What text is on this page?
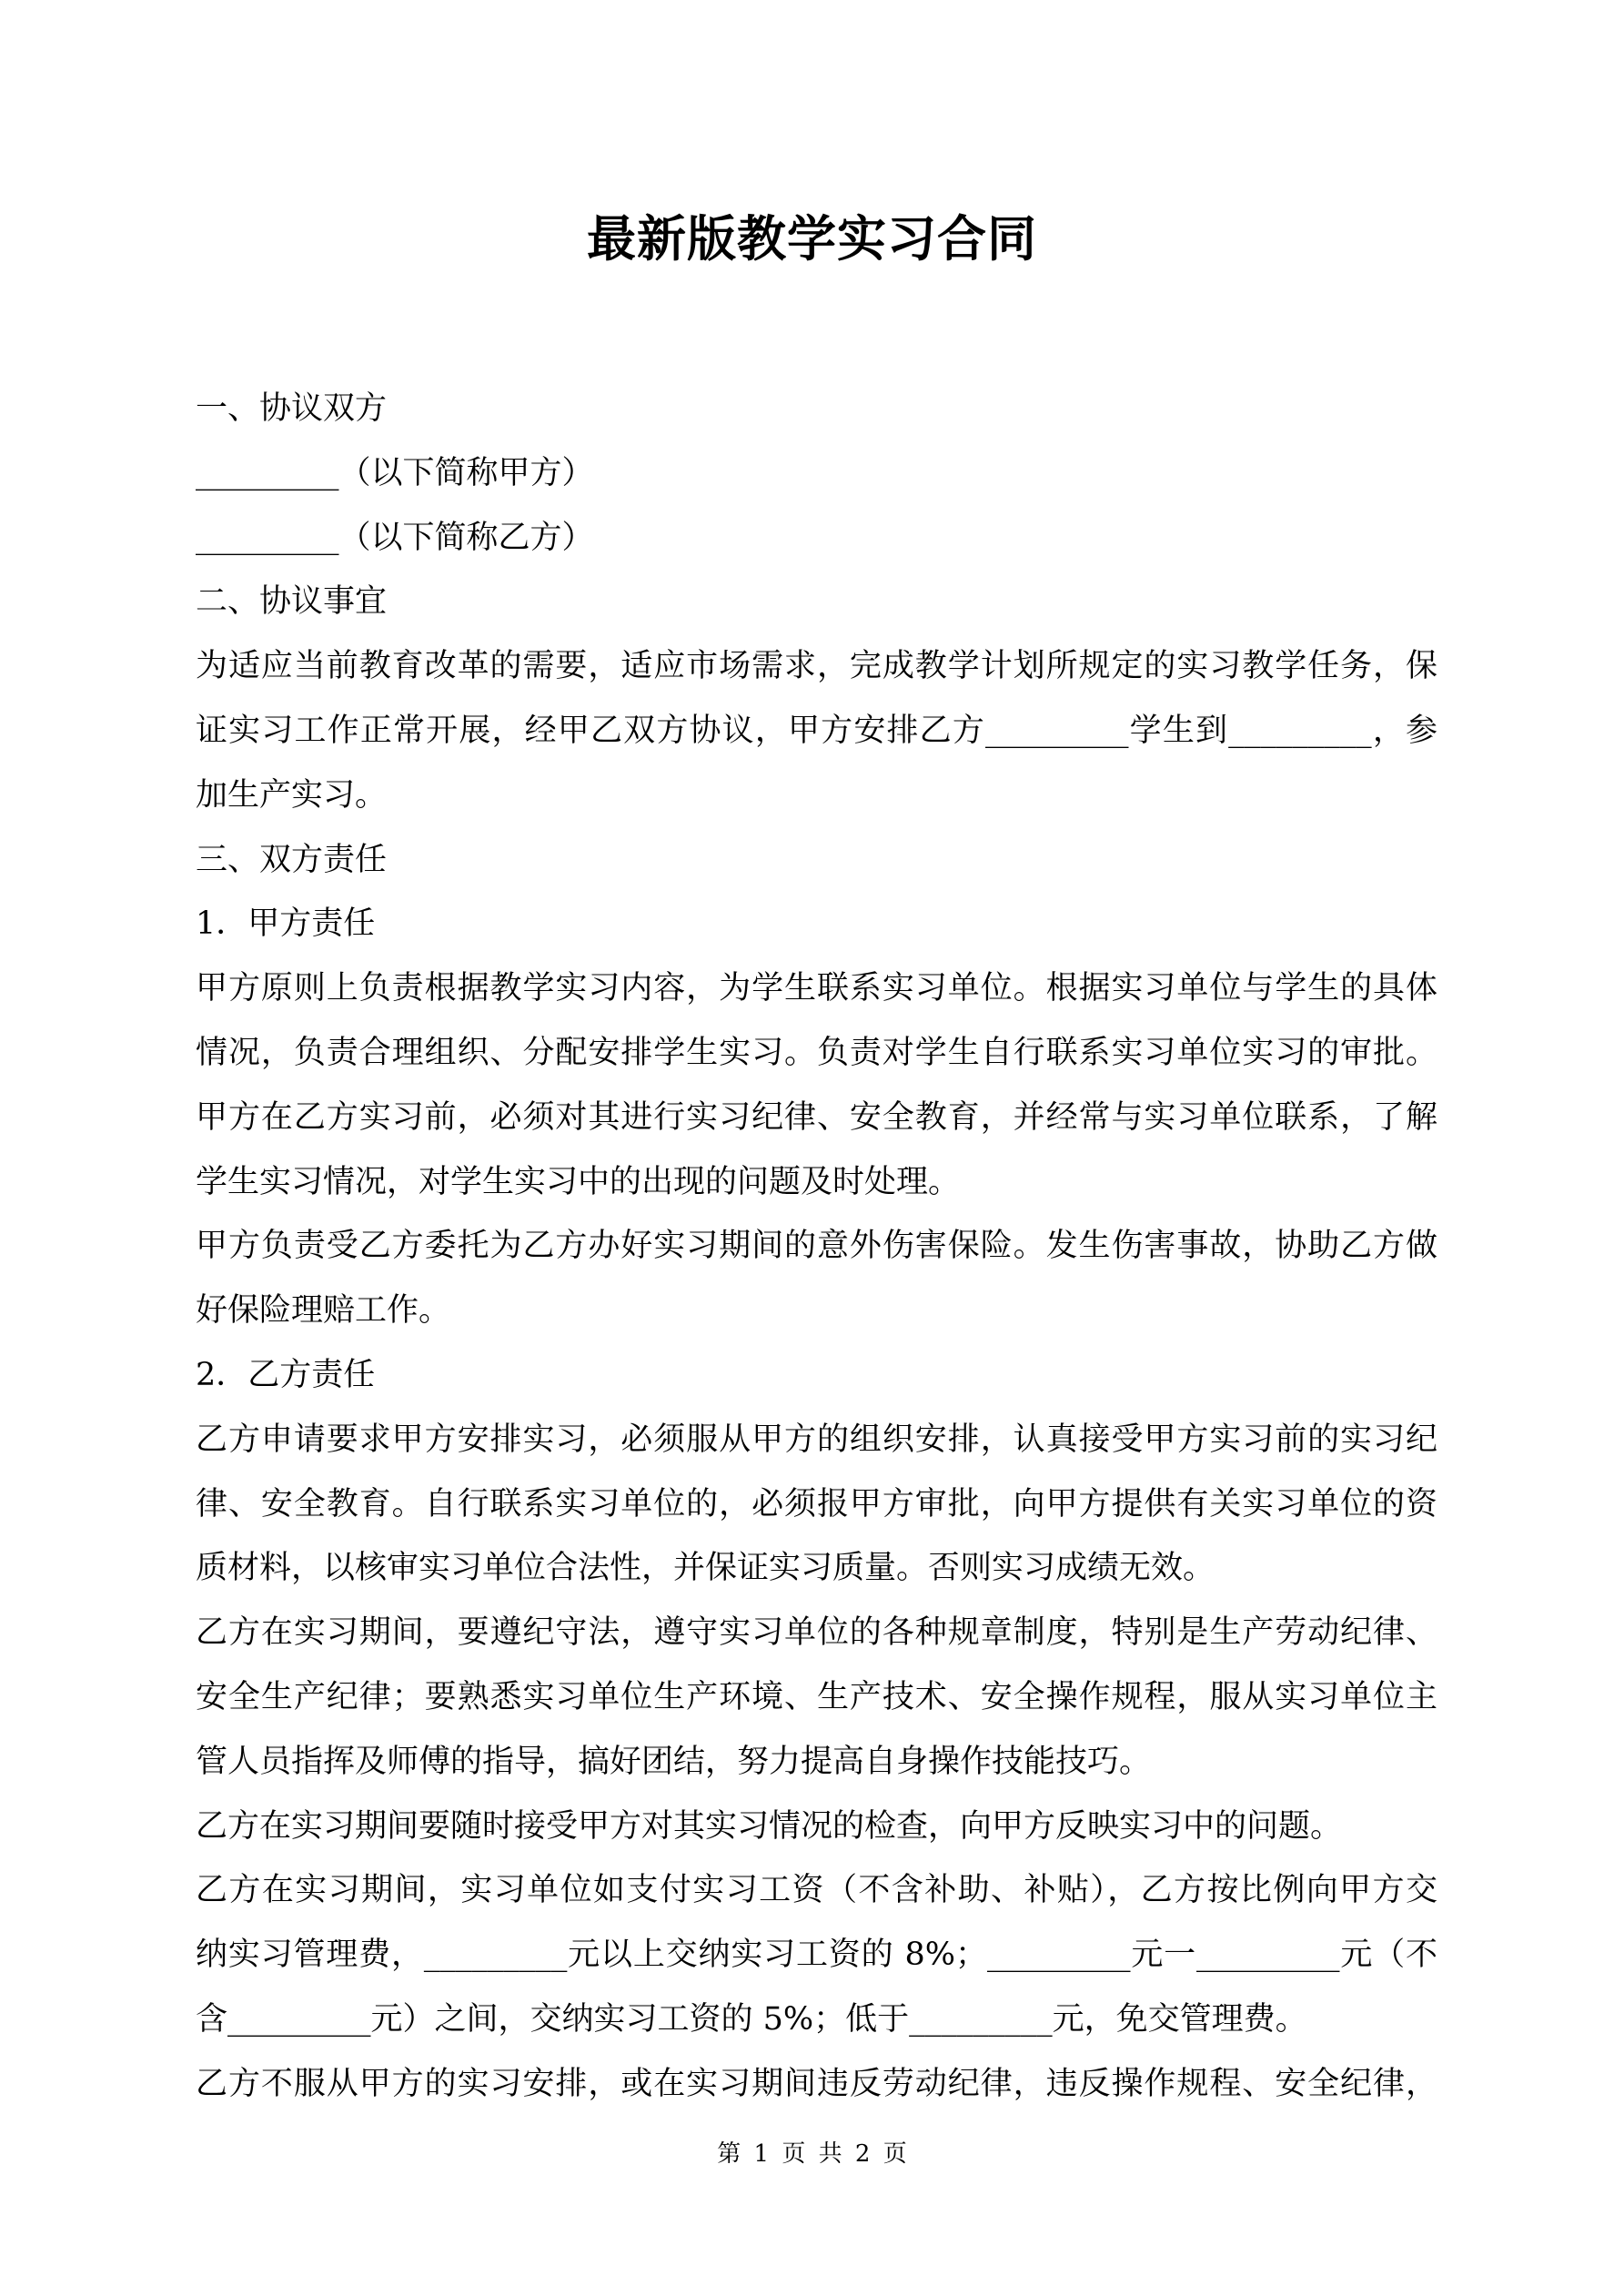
最新版教学实习合同
一、协议双方
_________（以下简称甲方）
_________（以下简称乙方）
二、协议事宜
为适应当前教育改革的需要，适应市场需求，完成教学计划所规定的实习教学任务，保
证实习工作正常开展，经甲乙双方协议，甲方安排乙方_________学生到_________，参
加生产实习。
三、双方责任
1．甲方责任
甲方原则上负责根据教学实习内容，为学生联系实习单位。根据实习单位与学生的具体
情况，负责合理组织、分配安排学生实习。负责对学生自行联系实习单位实习的审批。
甲方在乙方实习前，必须对其进行实习纪律、安全教育，并经常与实习单位联系，了解
学生实习情况，对学生实习中的出现的问题及时处理。
甲方负责受乙方委托为乙方办好实习期间的意外伤害保险。发生伤害事故，协助乙方做
好保险理赔工作。
2．乙方责任
乙方申请要求甲方安排实习，必须服从甲方的组织安排，认真接受甲方实习前的实习纪
律、安全教育。自行联系实习单位的，必须报甲方审批，向甲方提供有关实习单位的资
质材料，以核审实习单位合法性，并保证实习质量。否则实习成绩无效。
乙方在实习期间，要遵纪守法，遵守实习单位的各种规章制度，特别是生产劳动纪律、
安全生产纪律；要熟悉实习单位生产环境、生产技术、安全操作规程，服从实习单位主
管人员指挥及师傅的指导，搞好团结，努力提高自身操作技能技巧。
乙方在实习期间要随时接受甲方对其实习情况的检查，向甲方反映实习中的问题。
乙方在实习期间，实习单位如支付实习工资（不含补助、补贴），乙方按比例向甲方交
纳实习管理费，_________元以上交纳实习工资的 8%；_________元一_________元（不
含_________元）之间，交纳实习工资的 5%；低于_________元，免交管理费。
乙方不服从甲方的实习安排，或在实习期间违反劳动纪律，违反操作规程、安全纪律，
第 1 页 共 2 页
